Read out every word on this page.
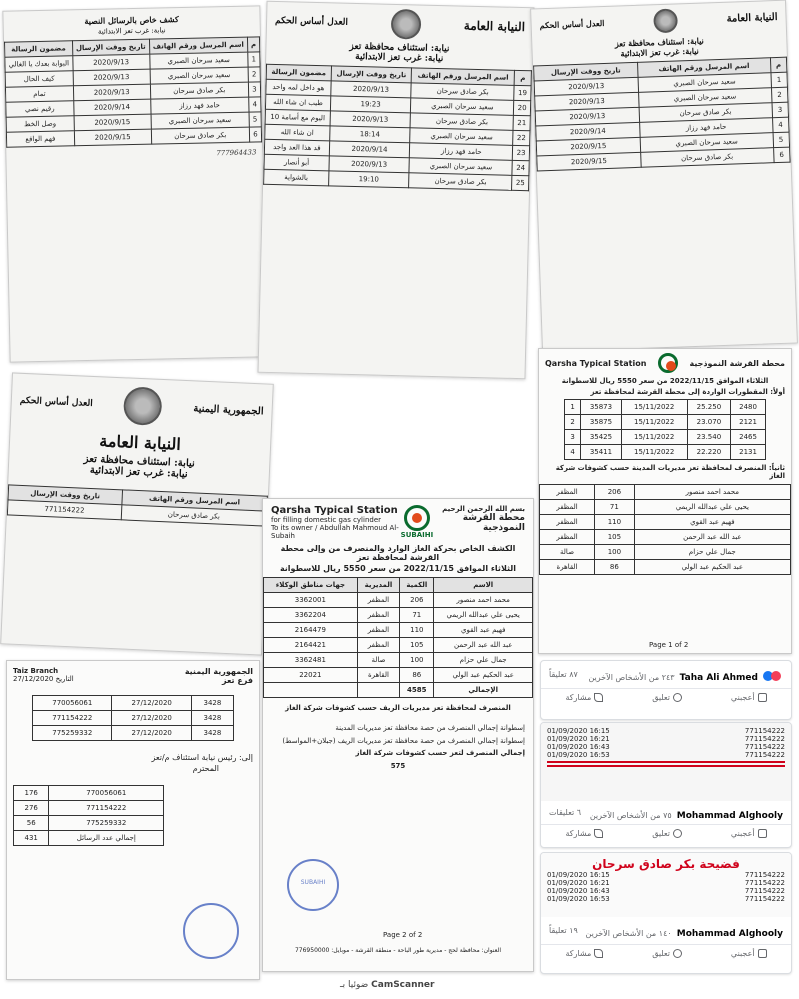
كشف خاص بالرسائل النصية
نيابة: غرب تعز الابتدائية
م	اسم المرسل ورقم الهاتف	تاريخ ووقت الإرسال	مضمون الرسالة
1	سعيد سرحان الصبري	2020/9/13	البوابة بعدك يا الغالي
2	سعيد سرحان الصبري	2020/9/13	كيف الحال
3	بكر صادق سرحان	2020/9/13	تمام
4	حامد فهد رزاز	2020/9/14	رقيم نصي
5	سعيد سرحان الصبري	2020/9/15	وصل الخط
6	بكر صادق سرحان	2020/9/15	فهم الواقع
777964433
العدل أساس الحكم	النيابة العامة
نيابة: استئناف محافظة تعز
نيابة: غرب تعز الابتدائية
م	اسم المرسل ورقم الهاتف	تاريخ ووقت الإرسال	مضمون الرسالة
19	بكر صادق سرحان	2020/9/13	هو داخل لمه واحد
20	سعيد سرحان الصبري	19:23	طيب ان شاء الله
21	بكر صادق سرحان	2020/9/13	اليوم مع أسامة 10
22	سعيد سرحان الصبري	18:14	ان شاء الله
23	حامد فهد رزاز	2020/9/14	قد هذا العد واجد
24	سعيد سرحان الصبري	2020/9/13	أبو أنصار
25	بكر صادق سرحان	19:10	بالشواية
العدل أساس الحكم	النيابة العامة
نيابة: استئناف محافظة تعز
نيابة: غرب تعز الابتدائية
م	اسم المرسل ورقم الهاتف	تاريخ ووقت الإرسال
1	سعيد سرحان الصبري	2020/9/13
2	سعيد سرحان الصبري	2020/9/13
3	بكر صادق سرحان	2020/9/13
4	حامد فهد رزاز	2020/9/14
5	سعيد سرحان الصبري	2020/9/15
6	بكر صادق سرحان	2020/9/15
العدل أساس الحكم
الجمهورية اليمنية
النيابة العامة
نيابة: استئناف محافظة تعز
نيابة: غرب تعز الابتدائية
اسم المرسل ورقم الهاتف	تاريخ ووقت الإرسال
بكر صادق سرحان	771154222	Qarsha Typical Station
for filling domestic gas cylinder
To its owner / Abdullah Mahmoud Al-Subaih	SUBAIHI
بسم الله الرحمن الرحيم
محطة القرشة النموذجية
الكشف الخاص بحركة الغاز الوارد والمنصرف من وإلى محطة القرشة لمحافظة تعز
الثلاثاء الموافق 2022/11/15 من سعر 5550 ريال للاسطوانة
الاسم	الكمية	المديرية	جهات مناطق الوكلاء
محمد احمد منصور	206	المظفر	3362001
يحيى علي عبدالله الريمي	71	المظفر	3362204
فهيم عبد القوي	110	المظفر	2164479
عبد الله عبد الرحمن	105	المظفر	2164421
جمال علي حزام	100	صالة	3362481
عبد الحكيم عبد الولي	86	القاهرة	22021
الإجمالي	4585		
المنصرف لمحافظة تعز مديريات الريف حسب كشوفات شركة الغاز
إسطوانة إجمالي المنصرف من حصة محافظة تعز مديريات المدينة
إسطوانة إجمالي المنصرف من حصة محافظة تعز مديريات الريف (جبلان+المواسط)
إجمالي المنصرف لتعز حسب كشوفات شركة الغاز
575
SUBAIHI
Page 2 of 2
العنوان: محافظة لحج - مديرية طور الباحة - منطقة القرشة - موبايل: 776950000
Qarsha Typical Station	محطة القرشة النموذجية
الثلاثاء الموافق 2022/11/15 من سعر 5550 ريال للاسطوانة
أولاً: المقطورات الواردة إلى محطة القرشة لمحافظة تعز
1	35873	15/11/2022	25.250	2480
2	35875	15/11/2022	23.070	2121
3	35425	15/11/2022	23.540	2465
4	35411	15/11/2022	22.220	2131
ثانياً: المنصرف لمحافظة تعز مديريات المدينة حسب كشوفات شركة الغاز
محمد احمد منصور	206	المظفر
يحيى علي عبدالله الريمي	71	المظفر
فهيم عبد القوي	110	المظفر
عبد الله عبد الرحمن	105	المظفر
جمال علي حزام	100	صالة
عبد الحكيم عبد الولي	86	القاهرة
Page 1 of 2
Taiz Branch
التاريخ 27/12/2020
الجمهورية اليمنية
فرع تعز
770056061	27/12/2020	3428
771154222	27/12/2020	3428
775259332	27/12/2020	3428
إلى: رئيس نيابة استئناف م/تعز
المحترم
176	770056061
276	771154222
56	775259332
431	إجمالي عدد الرسائل
٨٧ تعليقاً ٢٤٣ من الأشخاص الآخرين Taha Ali Ahmed
أعجبني
تعليق
مشاركة
01/09/2020 16:15	771154222
01/09/2020 16:21	771154222
01/09/2020 16:43	771154222
01/09/2020 16:53	771154222
٦ تعليقات ٧٥ من الأشخاص الآخرين Mohammad Alghooly
أعجبني
تعليق
مشاركة
فضيحة بكر صادق سرحان
01/09/2020 16:15	771154222
01/09/2020 16:21	771154222
01/09/2020 16:43	771154222
01/09/2020 16:53	771154222
١٩ تعليقاً ١٤٠ من الأشخاص الآخرين Mohammad Alghooly
أعجبني
تعليق
مشاركة
ضوئيا بـ CamScanner
